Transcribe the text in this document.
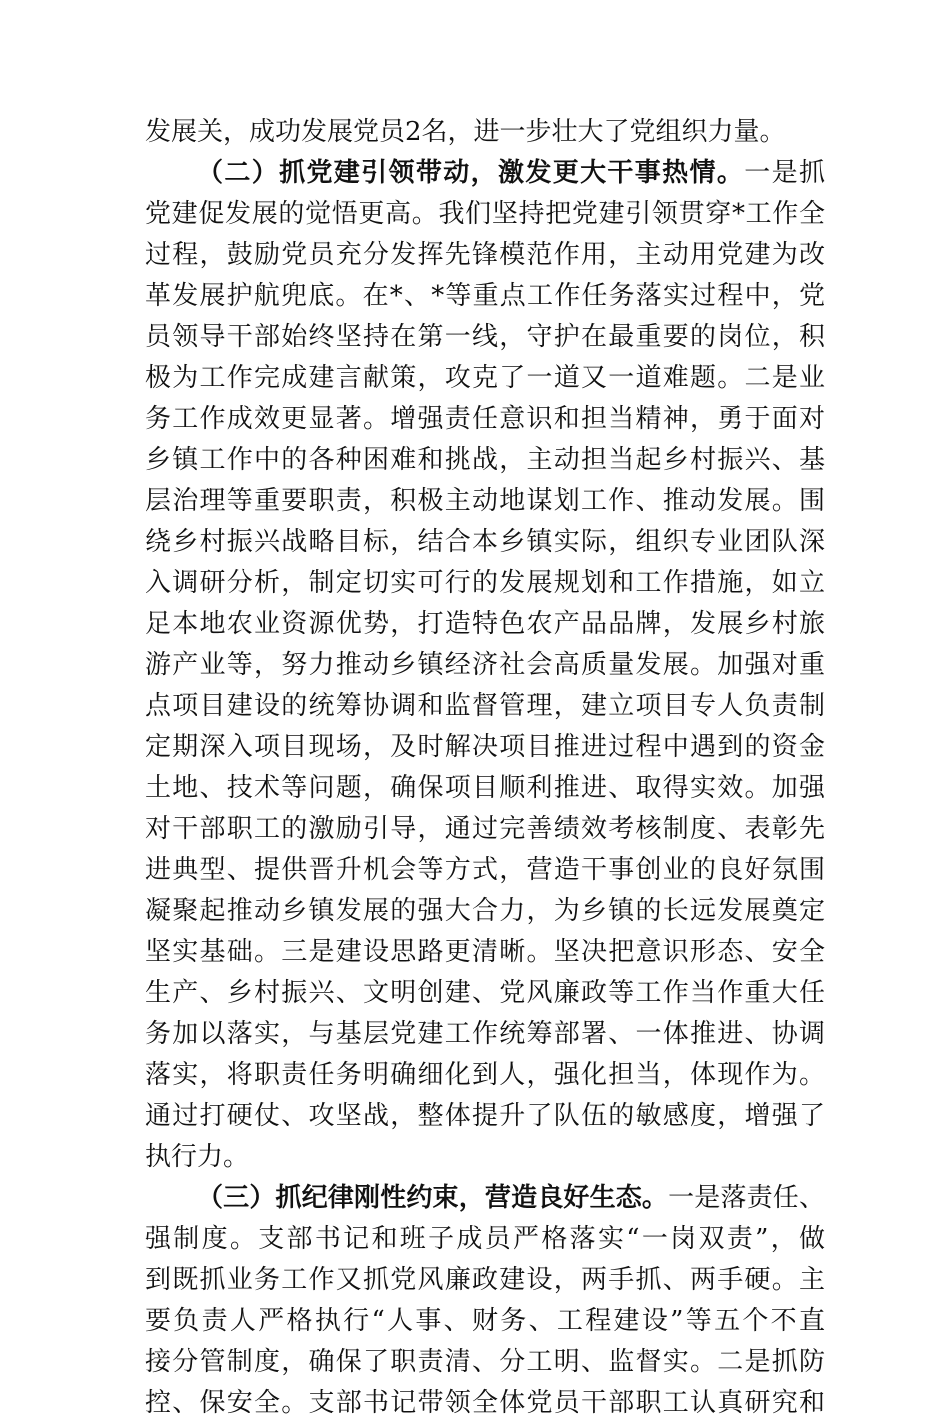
发展关，成功发展党员2名，进一步壮大了党组织力量。
（二）抓党建引领带动，激发更大干事热情。一是抓
党建促发展的觉悟更高。我们坚持把党建引领贯穿*工作全
过程，鼓励党员充分发挥先锋模范作用，主动用党建为改
革发展护航兜底。在*、*等重点工作任务落实过程中，党
员领导干部始终坚持在第一线，守护在最重要的岗位，积
极为工作完成建言献策，攻克了一道又一道难题。二是业
务工作成效更显著。增强责任意识和担当精神，勇于面对
乡镇工作中的各种困难和挑战，主动担当起乡村振兴、基
层治理等重要职责，积极主动地谋划工作、推动发展。围
绕乡村振兴战略目标，结合本乡镇实际，组织专业团队深
入调研分析，制定切实可行的发展规划和工作措施，如立
足本地农业资源优势，打造特色农产品品牌，发展乡村旅
游产业等，努力推动乡镇经济社会高质量发展。加强对重
点项目建设的统筹协调和监督管理，建立项目专人负责制
定期深入项目现场，及时解决项目推进过程中遇到的资金
土地、技术等问题，确保项目顺利推进、取得实效。加强
对干部职工的激励引导，通过完善绩效考核制度、表彰先
进典型、提供晋升机会等方式，营造干事创业的良好氛围
凝聚起推动乡镇发展的强大合力，为乡镇的长远发展奠定
坚实基础。三是建设思路更清晰。坚决把意识形态、安全
生产、乡村振兴、文明创建、党风廉政等工作当作重大任
务加以落实，与基层党建工作统筹部署、一体推进、协调
落实，将职责任务明确细化到人，强化担当，体现作为。
通过打硬仗、攻坚战，整体提升了队伍的敏感度，增强了
执行力。
（三）抓纪律刚性约束，营造良好生态。一是落责任、
强制度。支部书记和班子成员严格落实“一岗双责”，做
到既抓业务工作又抓党风廉政建设，两手抓、两手硬。主
要负责人严格执行“人事、财务、工程建设”等五个不直
接分管制度，确保了职责清、分工明、监督实。二是抓防
控、保安全。支部书记带领全体党员干部职工认真研究和
